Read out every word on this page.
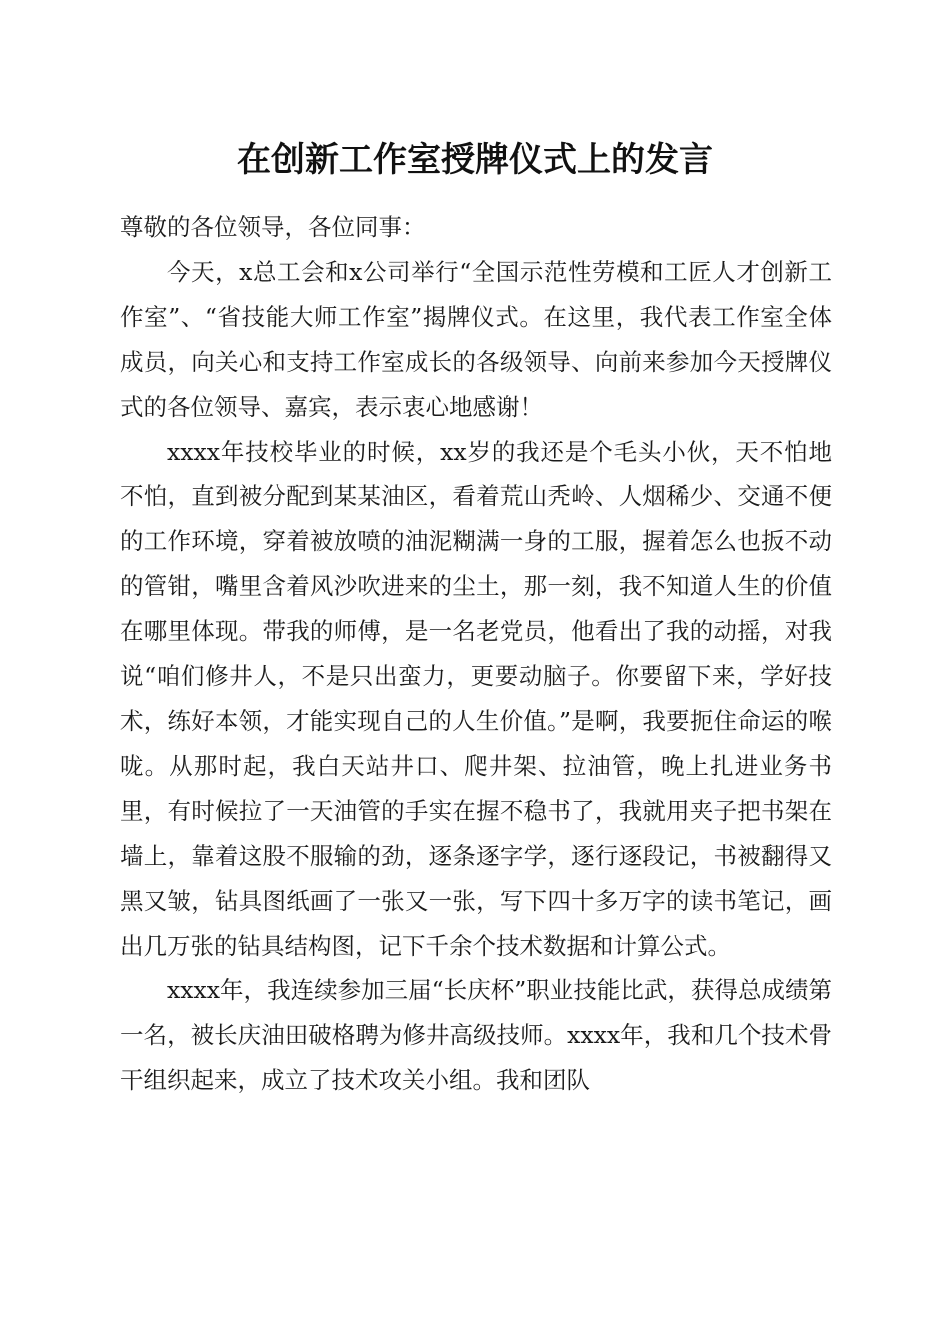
在创新工作室授牌仪式上的发言

尊敬的各位领导，各位同事：

今天，x总工会和x公司举行“全国示范性劳模和工匠人才创新工作室”、“省技能大师工作室”揭牌仪式。在这里，我代表工作室全体成员，向关心和支持工作室成长的各级领导、向前来参加今天授牌仪式的各位领导、嘉宾，表示衷心地感谢！

xxxx年技校毕业的时候，xx岁的我还是个毛头小伙，天不怕地不怕，直到被分配到某某油区，看着荒山秃岭、人烟稀少、交通不便的工作环境，穿着被放喷的油泥糊满一身的工服，握着怎么也扳不动的管钳，嘴里含着风沙吹进来的尘土，那一刻，我不知道人生的价值在哪里体现。带我的师傅，是一名老党员，他看出了我的动摇，对我说“咱们修井人，不是只出蛮力，更要动脑子。你要留下来，学好技术，练好本领，才能实现自己的人生价值。”是啊，我要扼住命运的喉咙。从那时起，我白天站井口、爬井架、拉油管，晚上扎进业务书里，有时候拉了一天油管的手实在握不稳书了，我就用夹子把书架在墙上，靠着这股不服输的劲，逐条逐字学，逐行逐段记，书被翻得又黑又皱，钻具图纸画了一张又一张，写下四十多万字的读书笔记，画出几万张的钻具结构图，记下千余个技术数据和计算公式。

xxxx年，我连续参加三届“长庆杯”职业技能比武，获得总成绩第一名，被长庆油田破格聘为修井高级技师。xxxx年，我和几个技术骨干组织起来，成立了技术攻关小组。我和团队
